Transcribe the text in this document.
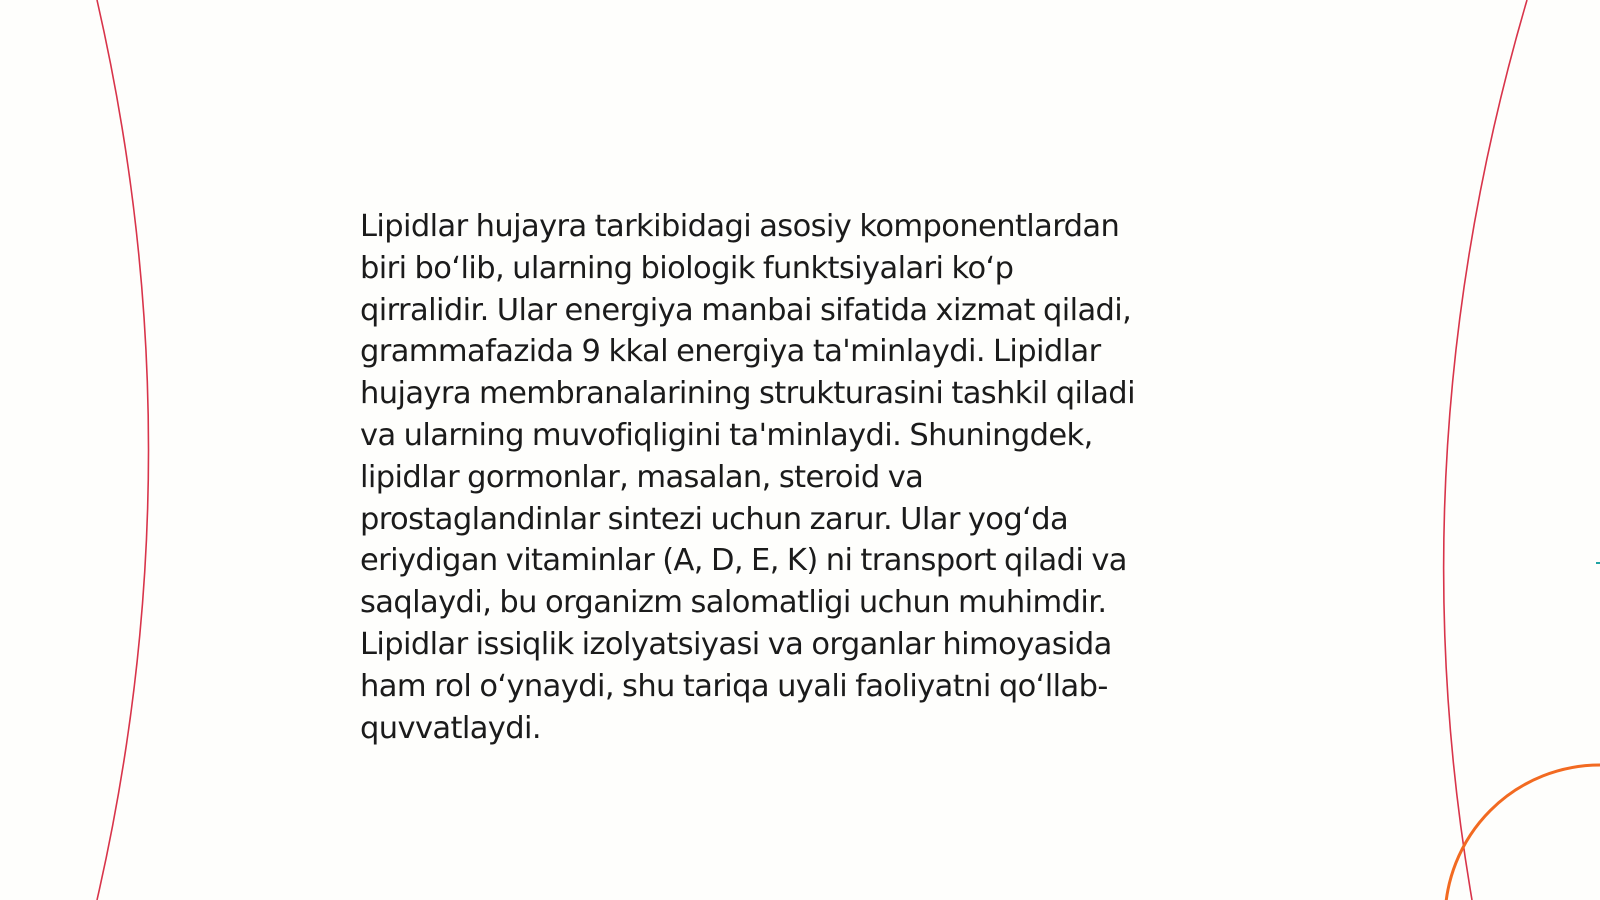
Lipidlar hujayra tarkibidagi asosiy komponentlardan
biri boʻlib, ularning biologik funktsiyalari koʻp
qirralidir. Ular energiya manbai sifatida xizmat qiladi,
grammafazida 9 kkal energiya ta'minlaydi. Lipidlar
hujayra membranalarining strukturasini tashkil qiladi
va ularning muvofiqligini ta'minlaydi. Shuningdek,
lipidlar gormonlar, masalan, steroid va
prostaglandinlar sintezi uchun zarur. Ular yogʻda
eriydigan vitaminlar (A, D, E, K) ni transport qiladi va
saqlaydi, bu organizm salomatligi uchun muhimdir.
Lipidlar issiqlik izolyatsiyasi va organlar himoyasida
ham rol oʻynaydi, shu tariqa uyali faoliyatni qoʻllab-
quvvatlaydi.
